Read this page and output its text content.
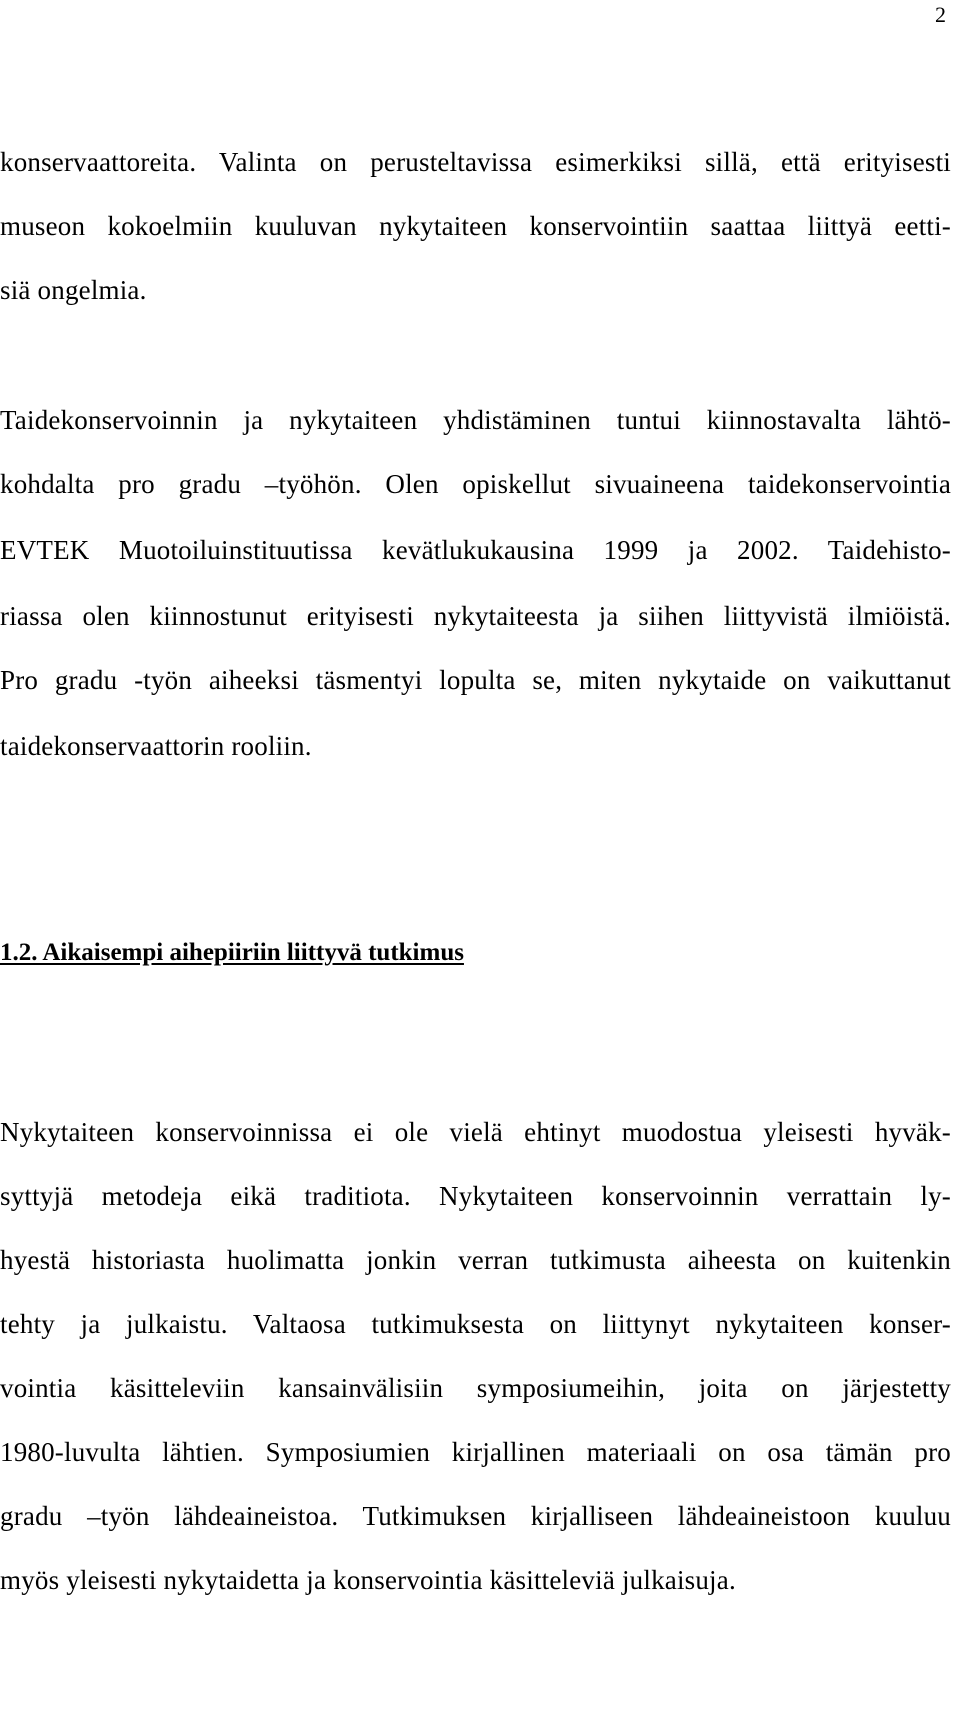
2
konservaattoreita. Valinta on perusteltavissa esimerkiksi sillä, että erityisesti
museon kokoelmiin kuuluvan nykytaiteen konservointiin saattaa liittyä eetti-
siä ongelmia.
Taidekonservoinnin ja nykytaiteen yhdistäminen tuntui kiinnostavalta lähtö-
kohdalta pro gradu –työhön. Olen opiskellut sivuaineena taidekonservointia
EVTEK Muotoiluinstituutissa kevätlukukausina 1999 ja 2002. Taidehisto-
riassa olen kiinnostunut erityisesti nykytaiteesta ja siihen liittyvistä ilmiöistä.
Pro gradu -työn aiheeksi täsmentyi lopulta se, miten nykytaide on vaikuttanut
taidekonservaattorin rooliin.
1.2. Aikaisempi aihepiiriin liittyvä tutkimus
Nykytaiteen konservoinnissa ei ole vielä ehtinyt muodostua yleisesti hyväk-
syttyjä metodeja eikä traditiota. Nykytaiteen konservoinnin verrattain ly-
hyestä historiasta huolimatta jonkin verran tutkimusta aiheesta on kuitenkin
tehty ja julkaistu. Valtaosa tutkimuksesta on liittynyt nykytaiteen konser-
vointia käsitteleviin kansainvälisiin symposiumeihin, joita on järjestetty
1980-luvulta lähtien. Symposiumien kirjallinen materiaali on osa tämän pro
gradu –työn lähdeaineistoa. Tutkimuksen kirjalliseen lähdeaineistoon kuuluu
myös yleisesti nykytaidetta ja konservointia käsitteleviä julkaisuja.
